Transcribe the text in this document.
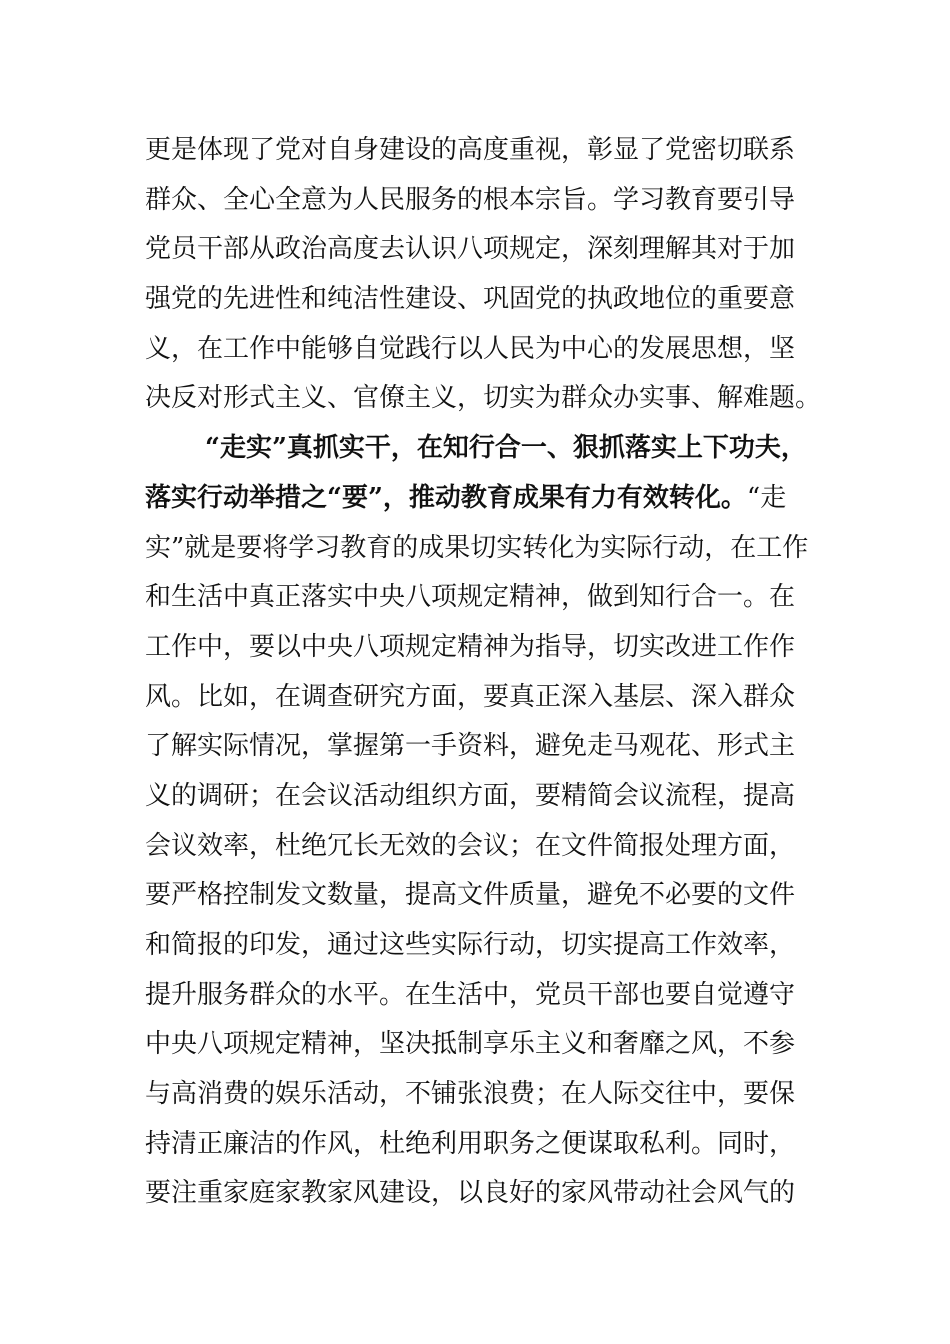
更是体现了党对自身建设的高度重视，彰显了党密切联系
群众、全心全意为人民服务的根本宗旨。学习教育要引导
党员干部从政治高度去认识八项规定，深刻理解其对于加
强党的先进性和纯洁性建设、巩固党的执政地位的重要意
义，在工作中能够自觉践行以人民为中心的发展思想，坚
决反对形式主义、官僚主义，切实为群众办实事、解难题。
“走实”真抓实干，在知行合一、狠抓落实上下功夫，
落实行动举措之“要”，推动教育成果有力有效转化。“走
实”就是要将学习教育的成果切实转化为实际行动，在工作
和生活中真正落实中央八项规定精神，做到知行合一。在
工作中，要以中央八项规定精神为指导，切实改进工作作
风。比如，在调查研究方面，要真正深入基层、深入群众
了解实际情况，掌握第一手资料，避免走马观花、形式主
义的调研；在会议活动组织方面，要精简会议流程，提高
会议效率，杜绝冗长无效的会议；在文件简报处理方面，
要严格控制发文数量，提高文件质量，避免不必要的文件
和简报的印发，通过这些实际行动，切实提高工作效率，
提升服务群众的水平。在生活中，党员干部也要自觉遵守
中央八项规定精神，坚决抵制享乐主义和奢靡之风，不参
与高消费的娱乐活动，不铺张浪费；在人际交往中，要保
持清正廉洁的作风，杜绝利用职务之便谋取私利。同时，
要注重家庭家教家风建设，以良好的家风带动社会风气的
